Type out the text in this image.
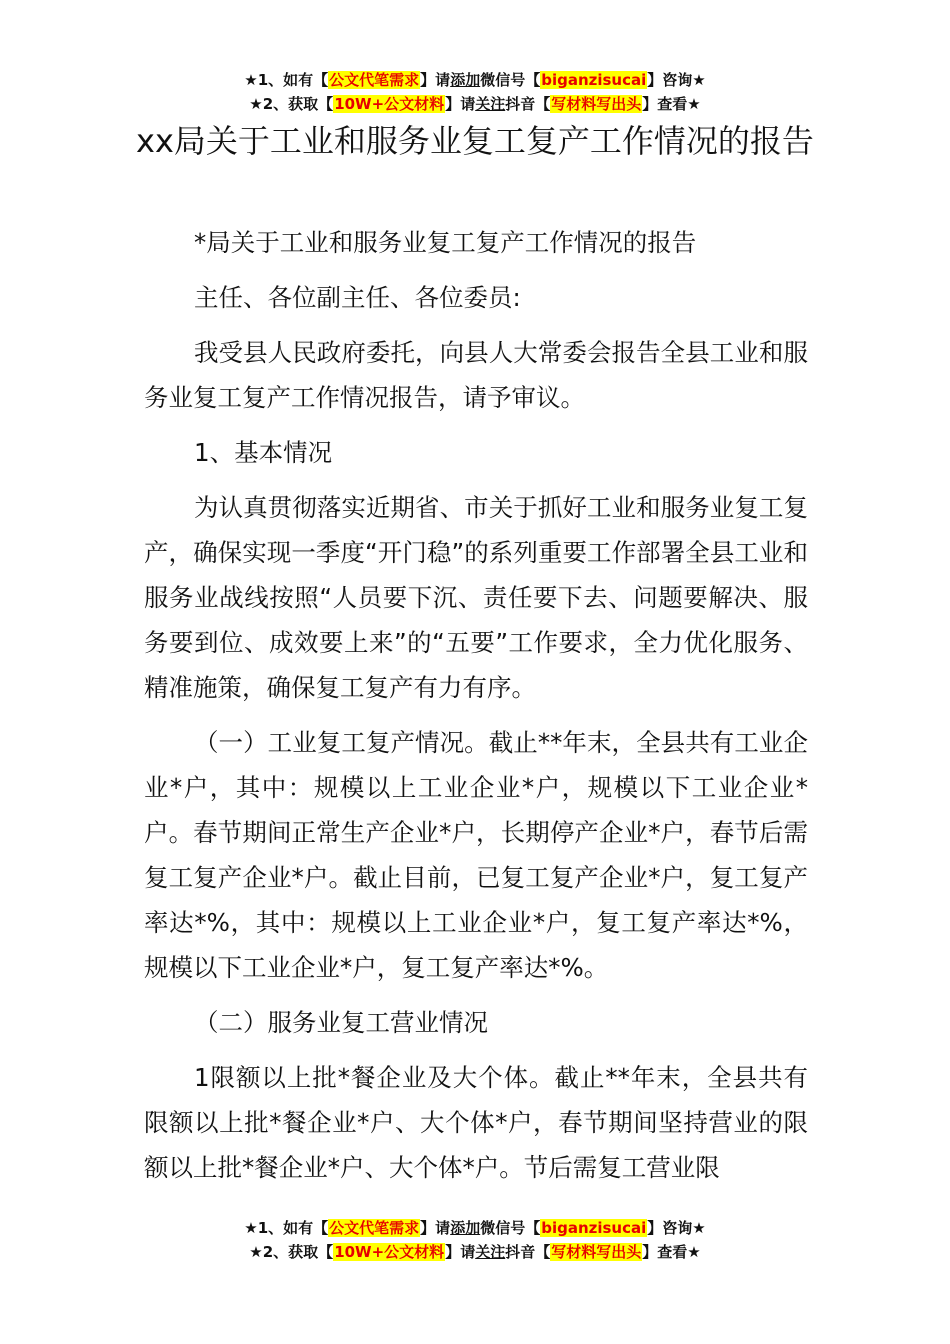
★1、如有【公文代笔需求】请添加微信号【biganzisucai】咨询★
★2、获取【10W+公文材料】请关注抖音【写材料写出头】查看★
xx局关于工业和服务业复工复产工作情况的报告

*局关于工业和服务业复工复产工作情况的报告

主任、各位副主任、各位委员:

我受县人民政府委托，向县人大常委会报告全县工业和服务业复工复产工作情况报告，请予审议。

1、基本情况

为认真贯彻落实近期省、市关于抓好工业和服务业复工复产，确保实现一季度“开门稳”的系列重要工作部署全县工业和服务业战线按照“人员要下沉、责任要下去、问题要解决、服务要到位、成效要上来”的“五要”工作要求，全力优化服务、精准施策，确保复工复产有力有序。

（一）工业复工复产情况。截止**年末，全县共有工业企业*户，其中：规模以上工业企业*户，规模以下工业企业*户。春节期间正常生产企业*户，长期停产企业*户，春节后需复工复产企业*户。截止目前，已复工复产企业*户，复工复产率达*%，其中：规模以上工业企业*户，复工复产率达*%，规模以下工业企业*户，复工复产率达*%。

（二）服务业复工营业情况

1限额以上批*餐企业及大个体。截止**年末，全县共有限额以上批*餐企业*户、大个体*户，春节期间坚持营业的限额以上批*餐企业*户、大个体*户。节后需复工营业限

★1、如有【公文代笔需求】请添加微信号【biganzisucai】咨询★
★2、获取【10W+公文材料】请关注抖音【写材料写出头】查看★
